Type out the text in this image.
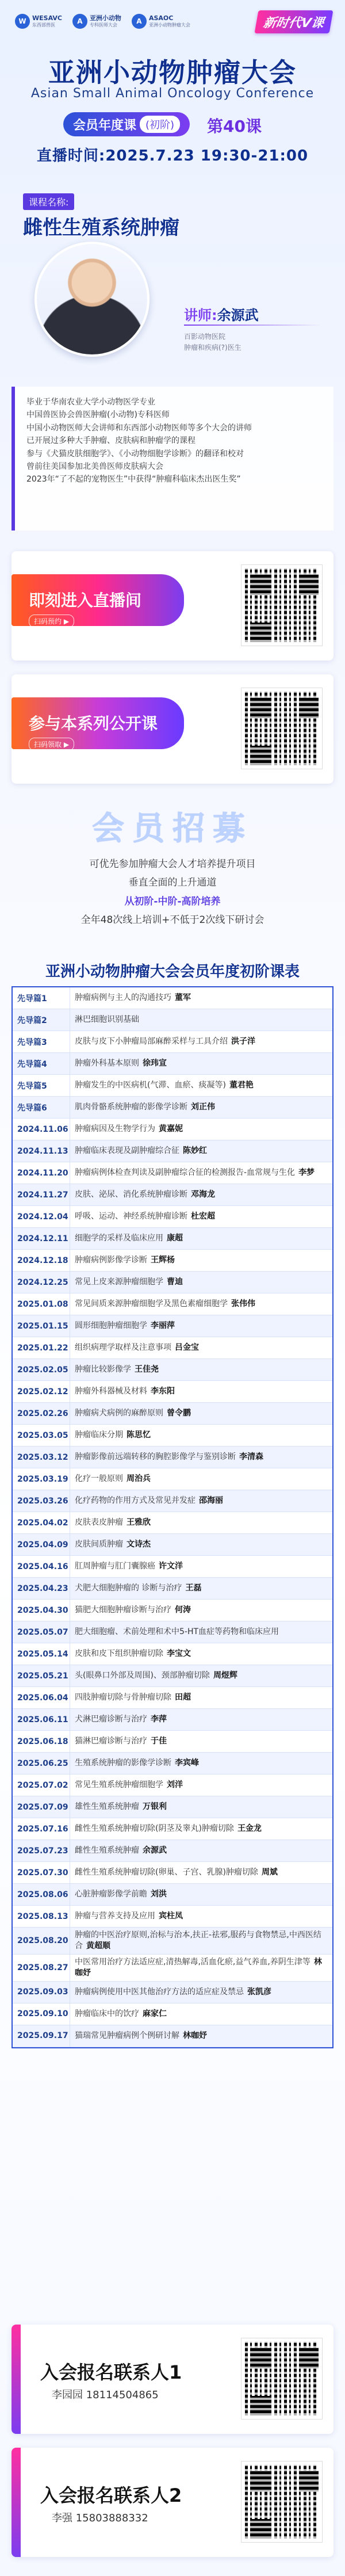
W WESAVC
东西部兽医	A	亚洲小动物
专科医师大会	A	ASAOC
亚洲小动物肿瘤大会	新时代V课
亚洲小动物肿瘤大会
Asian Small Animal Oncology Conference
会员年度课 (初阶)	第40课
直播时间:2025.7.23 19:30-21:00
课程名称:
雌性生殖系统肿瘤
讲师:余源武
百影动物医院
肿瘤和疾病(?)医生
毕业于华南农业大学小动物医学专业
中国兽医协会兽医肿瘤(小动物)专科医师
中国小动物医师大会讲师和东西部小动物医师等多个大会的讲师
已开展过多种大手肿瘤、皮肤病和肿瘤学的课程
参与《犬猫皮肤细胞学》、《小动物细胞学诊断》的翻译和校对
曾前往美国参加北美兽医师皮肤病大会
2023年“了不起的宠物医生”中获得“肿瘤科临床杰出医生奖”
即刻进入直播间
扫码预约 ▶
参与本系列公开课
扫码领取 ▶
会员招募
可优先参加肿瘤大会人才培养提升项目
垂直全面的上升通道
从初阶-中阶-高阶培养
全年48次线上培训+不低于2次线下研讨会
亚洲小动物肿瘤大会会员年度初阶课表
先导篇1	肿瘤病例与主人的沟通技巧 董军
先导篇2	淋巴细胞识别基础
先导篇3	皮肤与皮下小肿瘤局部麻醉采样与工具介绍 洪子洋
先导篇4	肿瘤外科基本原则 徐玮宣
先导篇5	肿瘤发生的中医病机(气滞、血瘀、痰凝等) 董君艳
先导篇6	肌肉骨骼系统肿瘤的影像学诊断 刘正伟
2024.11.06 肿瘤病因及生物学行为 黄嘉妮
2024.11.13 肿瘤临床表现及副肿瘤综合征 陈妙红
2024.11.20 肿瘤病例体检查判读及副肿瘤综合征的检测报告-血常规与生化 李梦
2024.11.27 皮肤、泌尿、消化系统肿瘤诊断 邓海龙
2024.12.04 呼吸、运动、神经系统肿瘤诊断 杜宏超
2024.12.11 细胞学的采样及临床应用 康超
2024.12.18 肿瘤病例影像学诊断 王辉杨
2024.12.25 常见上皮来源肿瘤细胞学 曹迪
2025.01.08 常见间质来源肿瘤细胞学及黑色素瘤细胞学 张伟伟
2025.01.15 圆形细胞肿瘤细胞学 李丽萍
2025.01.22 组织病理学取样及注意事项 吕金宝
2025.02.05 肿瘤比较影像学 王佳尧
2025.02.12 肿瘤外科器械及材料 李东阳
2025.02.26 肿瘤病犬病例的麻醉原则 曾令鹏
2025.03.05 肿瘤临床分期 陈思忆
2025.03.12 肿瘤影像前远端转移的胸腔影像学与鉴别诊断 李清森
2025.03.19 化疗一般原则 周治兵
2025.03.26 化疗药物的作用方式及常见并发症 邵海丽
2025.04.02 皮肤表皮肿瘤 王雅欣
2025.04.09 皮肤间质肿瘤 文诗杰
2025.04.16 肛周肿瘤与肛门囊腺癌 许文洋
2025.04.23 犬肥大细胞肿瘤的 诊断与治疗 王磊
2025.04.30 猫肥大细胞肿瘤诊断与治疗 何涛
2025.05.07 肥大细胞瘤、术前处理和术中5-HT血症等药物和临床应用
2025.05.14 皮肤和皮下组织肿瘤切除 李宝文
2025.05.21 头(眼鼻口外部及周围)、颈部肿瘤切除 周煜辉
2025.06.04 四肢肿瘤切除与骨肿瘤切除 田超
2025.06.11 犬淋巴瘤诊断与治疗 李萍
2025.06.18 猫淋巴瘤诊断与治疗 于佳
2025.06.25 生殖系统肿瘤的影像学诊断 李宾峰
2025.07.02 常见生殖系统肿瘤细胞学 刘洋
2025.07.09 雄性生殖系统肿瘤 万银利
2025.07.16 雌性生殖系统肿瘤切除(阴茎及睾丸)肿瘤切除 王金龙
2025.07.23 雌性生殖系统肿瘤 余源武
2025.07.30 雌性生殖系统肿瘤切除(卵巢、子宫、乳腺)肿瘤切除 周斌
2025.08.06 心脏肿瘤影像学前瞻 刘洪
2025.08.13 肿瘤与营养支持及应用 宾柱凤
2025.08.20
肿瘤的中医治疗原则,治标与治本,扶正-祛邪,服药与食物禁忌,中西医结合 黄超顺
2025.08.27
中医常用治疗方法适应症,清热解毒,活血化瘀,益气养血,养阴生津等 林咖妤
2025.09.03 肿瘤病例使用中医其他治疗方法的适应症及禁忌 张凯彦
2025.09.10 肿瘤临床中的饮疗 麻家仁
2025.09.17 猫瑞常见肿瘤病例个例研讨解 林咖妤
入会报名联系人1
李园园 18114504865
入会报名联系人2
李强 15803888332
